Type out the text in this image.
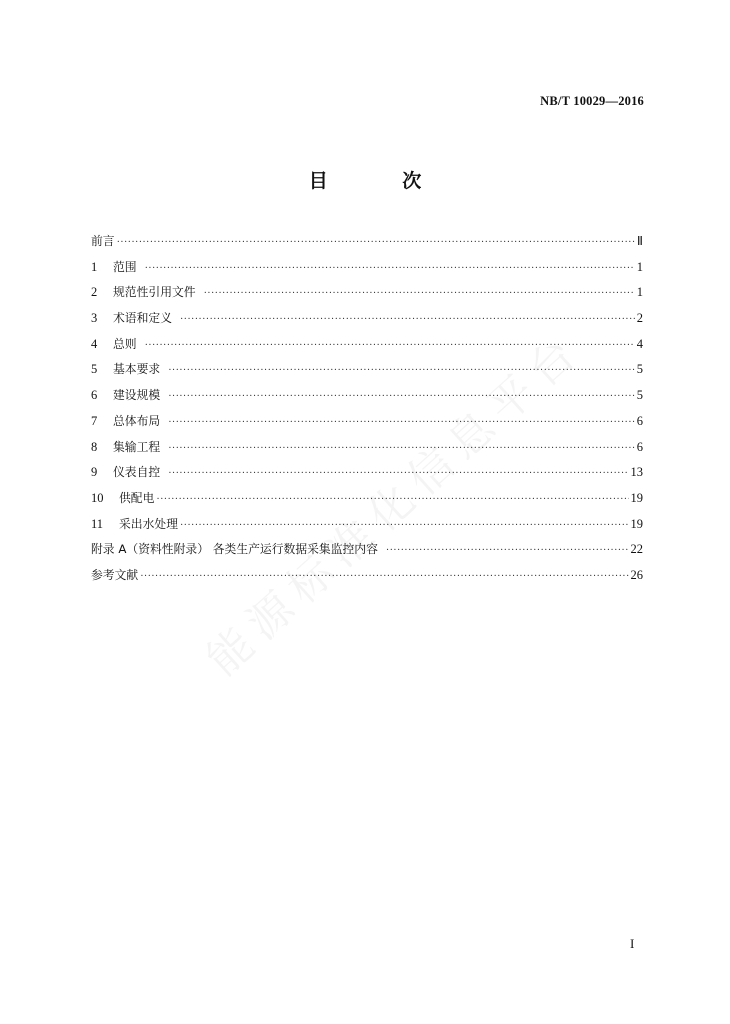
NB/T 10029—2016
目 次
前言 ·····	Ⅱ
1	范围 ·····	1
2	规范性引用文件 ·····	1
3	术语和定义 ·····	2
4	总则 ·····	4
5	基本要求 ·····	5
6	建设规模 ·····	5
7	总体布局 ·····	6
8	集输工程 ·····	6
9	仪表自控 ·····	13
10	供配电 ·····	19
11	采出水处理 ·····	19
附录 A（资料性附录） 各类生产运行数据采集监控内容 ·····	22
参考文献 ·····	26
I
